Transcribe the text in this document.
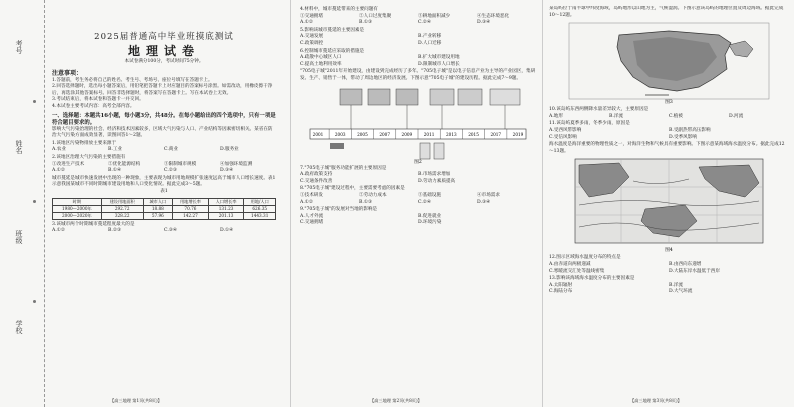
考号
姓名
班级
学校
2025届普通高中毕业班摸底测试
地理试卷
本试卷满分100分，考试时间75分钟。
注意事项：

1.答题前，考生务必将自己的姓名、考生号、考场号、座位号填写在答题卡上。

2.回答选择题时，选出每小题答案后，用铅笔把答题卡上对应题目的答案标号涂黑。如需改动，用橡皮擦干净后，再选涂其他答案标号。回答非选择题时，将答案写在答题卡上。写在本试卷上无效。

3.考试结束后，将本试卷和答题卡一并交回。

4.本试卷主要考试内容：高考全部内容。

一、选择题：本题共16小题，每小题3分，共48分。在每小题给出的四个选项中，只有一项是符合题目要求的。

影响大气污染治理的社会、经济和技术因素较多，区域大气污染与人口、产业结构等因素密切相关。某省在防治大气污染方面成效显著，读图回答1～2题。

1.该地区污染物排放主要来源于

A.农业	B.工业	C.商业	D.服务业

2.该地区治理大气污染的主要措施有

①改进生产技术	②优化能源结构	③限制城市规模	④加强环境监测
A.①②	B.①④	C.②③	D.③④

城市蔓延是城市快速发展中出现的一种现象，主要表现为城市用地规模扩张速度远高于城市人口增长速度。表1示意我国某城市不同时期城市建设用地和人口变化情况。据此完成3～5题。

表1
时期	建设用地面积	城市人口	用地增长率	人口增长率	用地/人口
1980—2000年	292.72	18.88	70.76	131.23	626.35
2000—2020年	328.22	57.96	142.27	201.13	1443.31

3.该城市两个时期城市蔓延程度最大的是

A.①②	B.②③	C.③④	D.①④
【高三地理 第1页(共8页)】

4.材料中，城市蔓延带来的主要问题有

①交通拥堵	②人口过度集聚	③耕地面积减少	④生态环境恶化
A.①②	B.①③	C.②④	D.③④

5.影响该城市蔓延的主要因素是

A.交通发展	B.产业转移
C.政策调控	D.人口迁移

6.控制城市蔓延应采取的措施是

A.疏散中心城区人口	B.扩大城市建设用地
C.提高土地利用效率	D.限制城市人口增长

"705电子城"2011年开始建设，由建设到完成经历了多年。"705电子城"是以电子信息产业为主导的产业园区，集研发、生产、销售于一体，带动了周边地区的经济发展。下图示意"705电子城"的建设历程。据此完成7～9题。

2001	2003	2005	2007	2009	2011	2013	2015	2017	2019
图2

7."705电子城"服务功能扩展的主要原因是

A.政府政策支持	B.市场需求增加
C.交通条件改善	D.劳动力素质提高

8."705电子城"建设过程中，主要需要考虑的因素是

①技术研发	②劳动力成本	③基础设施	④市场需求
A.①②	B.①③	C.②④	D.③④

9."705电子城"的发展对当地的影响是

A.人才外流	B.促进就业
C.交通拥堵	D.环境污染
【高三地理 第2页(共8页)】

某岛屿位于南半球中纬度海域，岛屿地形以山地为主，气候湿润。下图示意该岛屿的地理位置及周边海域。据此完成10～12题。

图3

10.该岛屿东西两侧降水量差异较大，主要原因是

A.地形	B.洋流	C.植被	D.河流

11.该岛屿夏季多雨，冬季少雨，原因是

A.受西风带影响	B.受副热带高压影响
C.受信风影响	D.受季风影响

海水温度是海洋重要的物理性质之一，对海洋生物和气候具有重要影响。下图示意某海域海水温度分布。据此完成12～13题。

图4

12.图示区域海水温度分布的特点是

A.由赤道向两极递减	B.由西向东递增
C.寒暖流交汇处等温线密集	D.大陆东岸水温低于西岸

13.影响该海域海水温度分布的主要因素是

A.太阳辐射	B.洋流
C.海陆分布	D.大气环流
【高三地理 第3页(共8页)】
